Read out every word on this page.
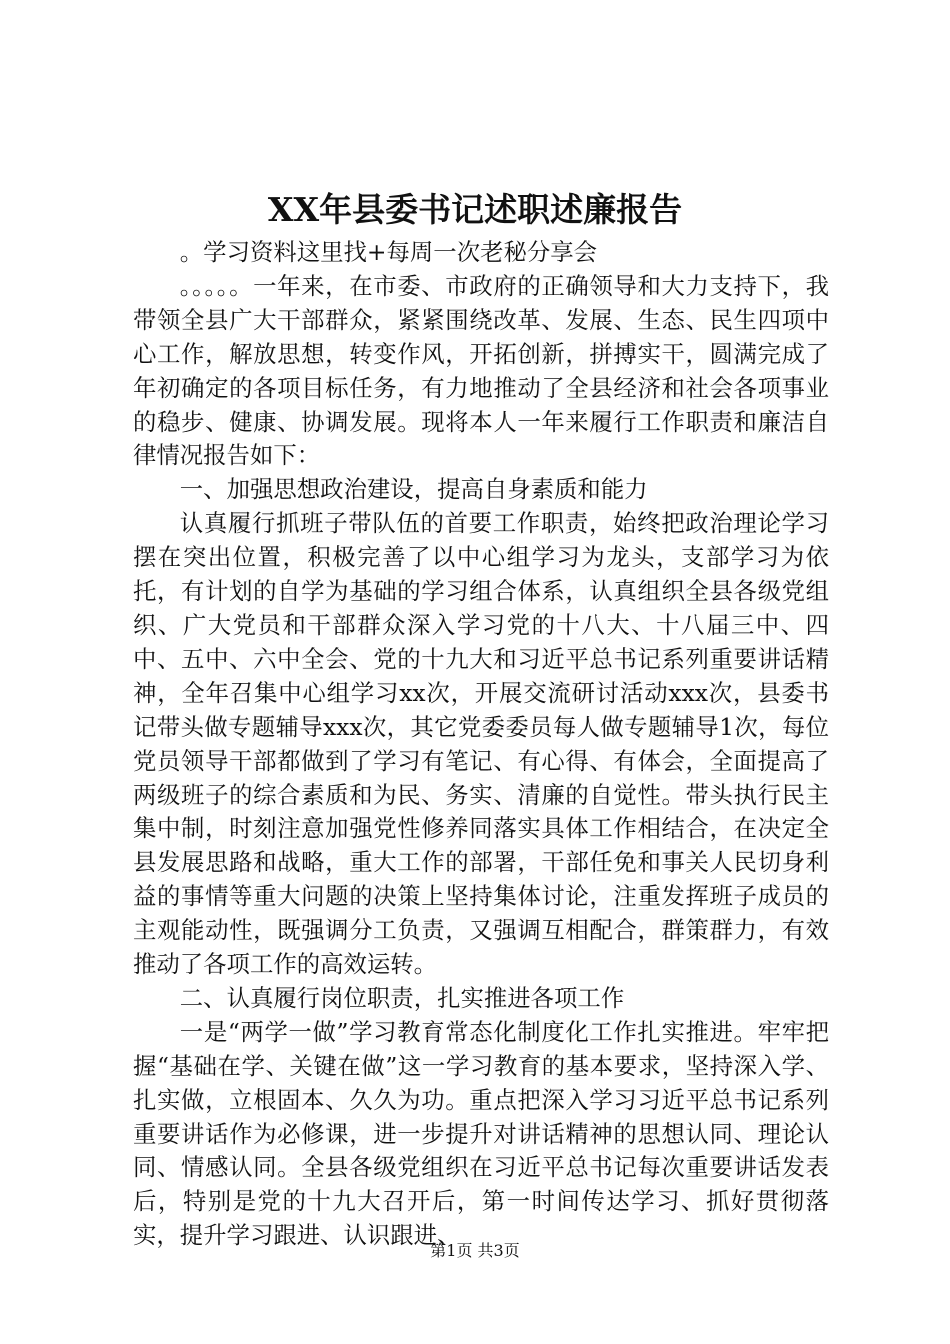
XX年县委书记述职述廉报告

。学习资料这里找+每周一次老秘分享会

。。。。。一年来，在市委、市政府的正确领导和大力支持下，我带领全县广大干部群众，紧紧围绕改革、发展、生态、民生四项中心工作，解放思想，转变作风，开拓创新，拼搏实干，圆满完成了年初确定的各项目标任务，有力地推动了全县经济和社会各项事业的稳步、健康、协调发展。现将本人一年来履行工作职责和廉洁自律情况报告如下：

一、加强思想政治建设，提高自身素质和能力

认真履行抓班子带队伍的首要工作职责，始终把政治理论学习摆在突出位置，积极完善了以中心组学习为龙头，支部学习为依托，有计划的自学为基础的学习组合体系，认真组织全县各级党组织、广大党员和干部群众深入学习党的十八大、十八届三中、四中、五中、六中全会、党的十九大和习近平总书记系列重要讲话精神，全年召集中心组学习xx次，开展交流研讨活动xxx次，县委书记带头做专题辅导xxx次，其它党委委员每人做专题辅导1次，每位党员领导干部都做到了学习有笔记、有心得、有体会，全面提高了两级班子的综合素质和为民、务实、清廉的自觉性。带头执行民主集中制，时刻注意加强党性修养同落实具体工作相结合，在决定全县发展思路和战略，重大工作的部署，干部任免和事关人民切身利益的事情等重大问题的决策上坚持集体讨论，注重发挥班子成员的主观能动性，既强调分工负责，又强调互相配合，群策群力，有效推动了各项工作的高效运转。

二、认真履行岗位职责，扎实推进各项工作

一是“两学一做”学习教育常态化制度化工作扎实推进。牢牢把握“基础在学、关键在做”这一学习教育的基本要求，坚持深入学、扎实做，立根固本、久久为功。重点把深入学习习近平总书记系列重要讲话作为必修课，进一步提升对讲话精神的思想认同、理论认同、情感认同。全县各级党组织在习近平总书记每次重要讲话发表后，特别是党的十九大召开后，第一时间传达学习、抓好贯彻落实，提升学习跟进、认识跟进、

第1页 共3页
